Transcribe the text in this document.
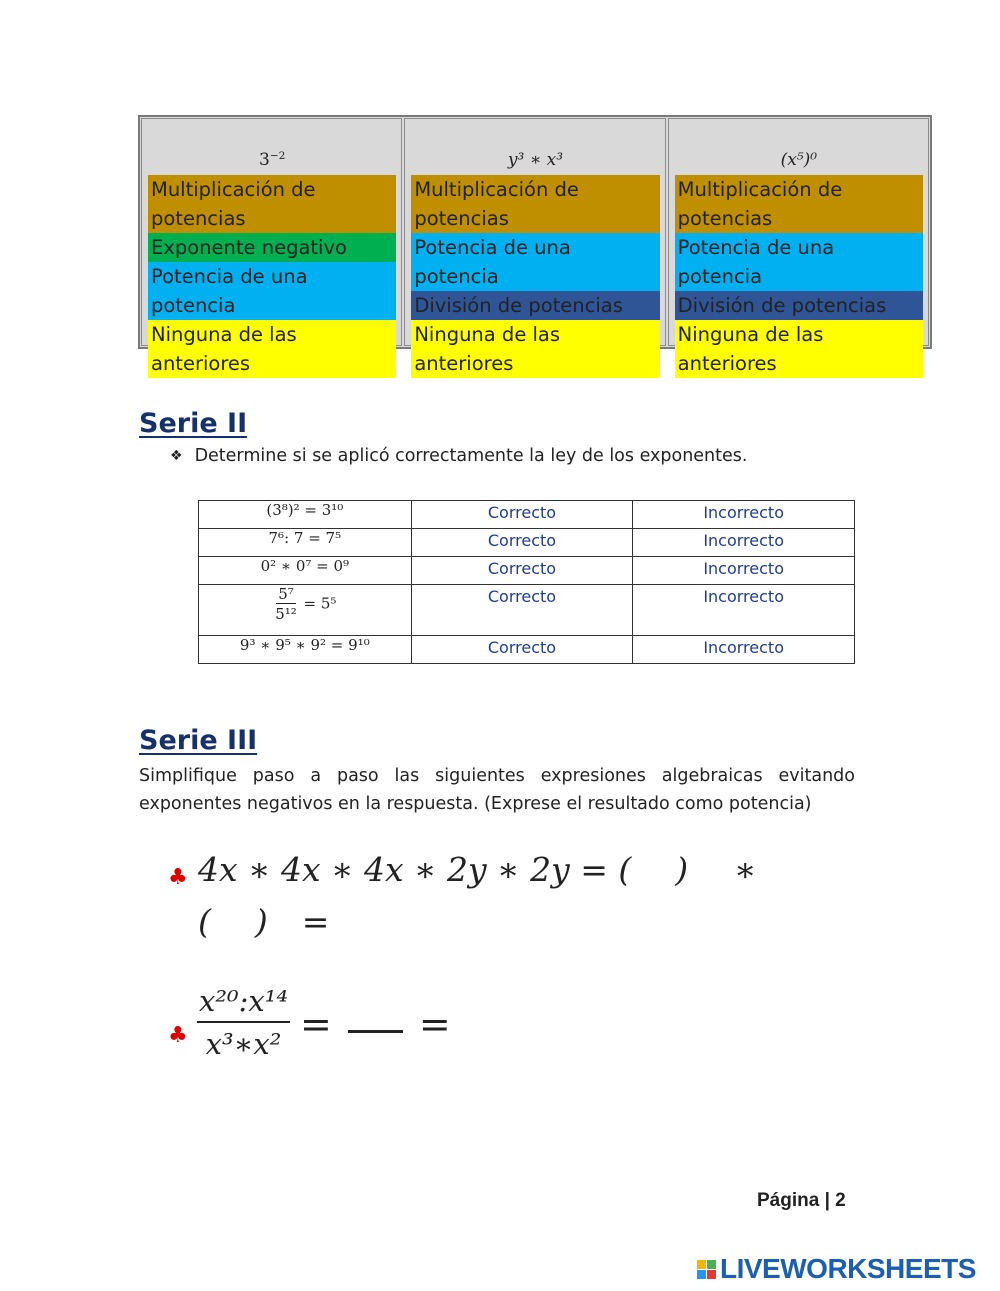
$3^{-2}$
Multiplicación de potencias
Exponente negativo
Potencia de una potencia
Ninguna de las anteriores
y³ ∗ x³
Multiplicación de potencias
Potencia de una potencia
División de potencias
Ninguna de las anteriores
(x⁵)⁰
Multiplicación de potencias
Potencia de una potencia
División de potencias
Ninguna de las anteriores
Serie II
❖ Determine si se aplicó correctamente la ley de los exponentes.
(3⁸)² = 3¹⁰	Correcto	Incorrecto
7⁶: 7 = 7⁵	Correcto	Incorrecto
0² ∗ 0⁷ = 0⁹	Correcto	Incorrecto

$\frac{\text{5⁷}}{\text{5¹²}} = 5^5$	Correcto	Incorrecto
9³ ∗ 9⁵ ∗ 9² = 9¹⁰	Correcto	Incorrecto
Serie III
Simplifique paso a paso las siguientes expresiones algebraicas evitando exponentes negativos en la respuesta. (Exprese el resultado como potencia)
♣ 4x ∗ 4x ∗ 4x ∗ 2y ∗ 2y = ( ) ∗
( ) =
♣ $\frac{\text{x²⁰:x¹⁴}}{\text{x³∗x²}}$ = =
Página | 2
LIVEWORKSHEETS
